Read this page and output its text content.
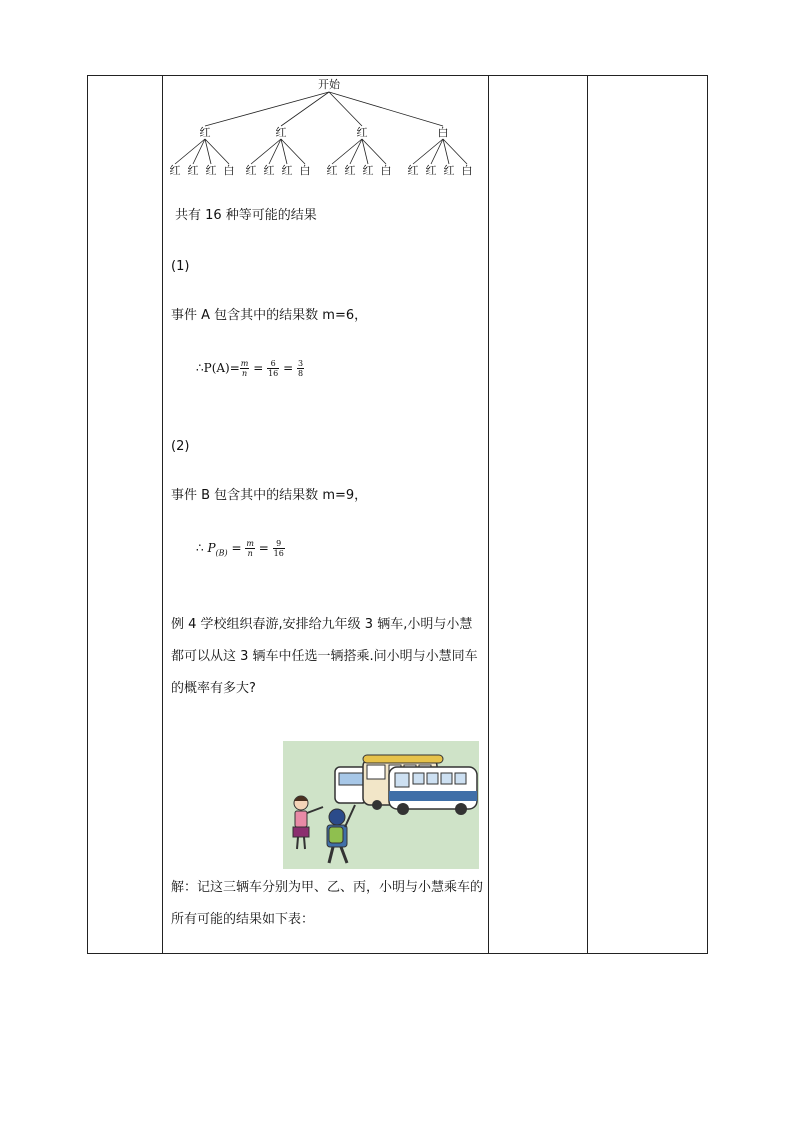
开始
红
红 红 红 白
红
红 红 红 白
红
红 红 红 白
白
红 红 红 白
共有 16 种等可能的结果
(1)
事件 A 包含其中的结果数 m=6，
∴P(A)= $\frac{m}{n} = \frac{6}{16} = \frac{3}{8}$
(2)
事件 B 包含其中的结果数 m=9，
∴ $P_{(B)} = \frac{m}{n} = \frac{9}{16}$
例 4 学校组织春游,安排给九年级 3 辆车,小明与小慧都可以从这 3 辆车中任选一辆搭乘.问小明与小慧同车的概率有多大?
解：记这三辆车分别为甲、乙、丙，小明与小慧乘车的所有可能的结果如下表：
